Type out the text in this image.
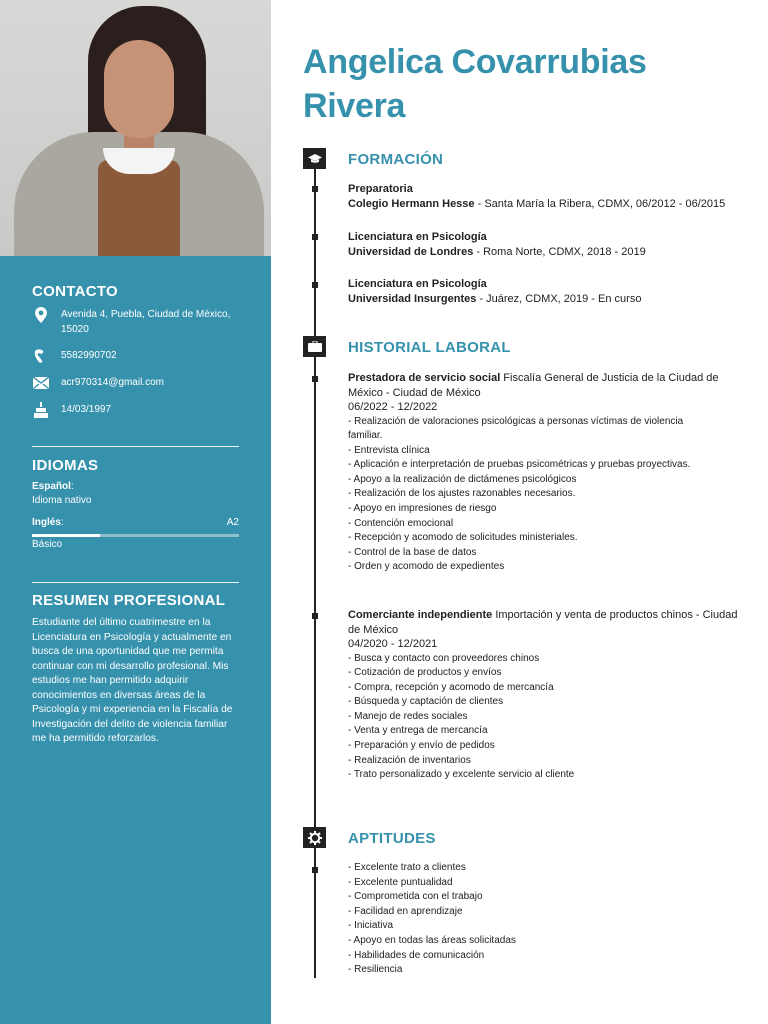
CONTACTO
Avenida 4, Puebla, Ciudad de México, 15020
5582990702
acr970314@gmail.com
14/03/1997
IDIOMAS
Español:
Idioma nativo
Inglés:	A2
Básico
RESUMEN PROFESIONAL
Estudiante del último cuatrimestre en la Licenciatura en Psicología y actualmente en busca de una oportunidad que me permita continuar con mi desarrollo profesional. Mis estudios me han permitido adquirir conocimientos en diversas áreas de la Psicología y mi experiencia en la Fiscalía de Investigación del delito de violencia familiar me ha permitido reforzarlos.
Angelica Covarrubias
Rivera
FORMACIÓN
Preparatoria
Colegio Hermann Hesse - Santa María la Ribera, CDMX, 06/2012 - 06/2015
Licenciatura en Psicología
Universidad de Londres - Roma Norte, CDMX, 2018 - 2019
Licenciatura en Psicología
Universidad Insurgentes - Juárez, CDMX, 2019 - En curso
HISTORIAL LABORAL
Prestadora de servicio social Fiscalía General de Justicia de la Ciudad de México - Ciudad de México
06/2022 - 12/2022
- Realización de valoraciones psicológicas a personas víctimas de violencia
familiar.
- Entrevista clínica
- Aplicación e interpretación de pruebas psicométricas y pruebas proyectivas.
- Apoyo a la realización de dictámenes psicológicos
- Realización de los ajustes razonables necesarios.
- Apoyo en impresiones de riesgo
- Contención emocional
- Recepción y acomodo de solicitudes ministeriales.
- Control de la base de datos
- Orden y acomodo de expedientes
Comerciante independiente Importación y venta de productos chinos - Ciudad de México
04/2020 - 12/2021
- Busca y contacto con proveedores chinos
- Cotización de productos y envíos
- Compra, recepción y acomodo de mercancía
- Búsqueda y captación de clientes
- Manejo de redes sociales
- Venta y entrega de mercancía
- Preparación y envío de pedidos
- Realización de inventarios
- Trato personalizado y excelente servicio al cliente
APTITUDES
- Excelente trato a clientes
- Excelente puntualidad
- Comprometida con el trabajo
- Facilidad en aprendizaje
- Iniciativa
- Apoyo en todas las áreas solicitadas
- Habilidades de comunicación
- Resiliencia
